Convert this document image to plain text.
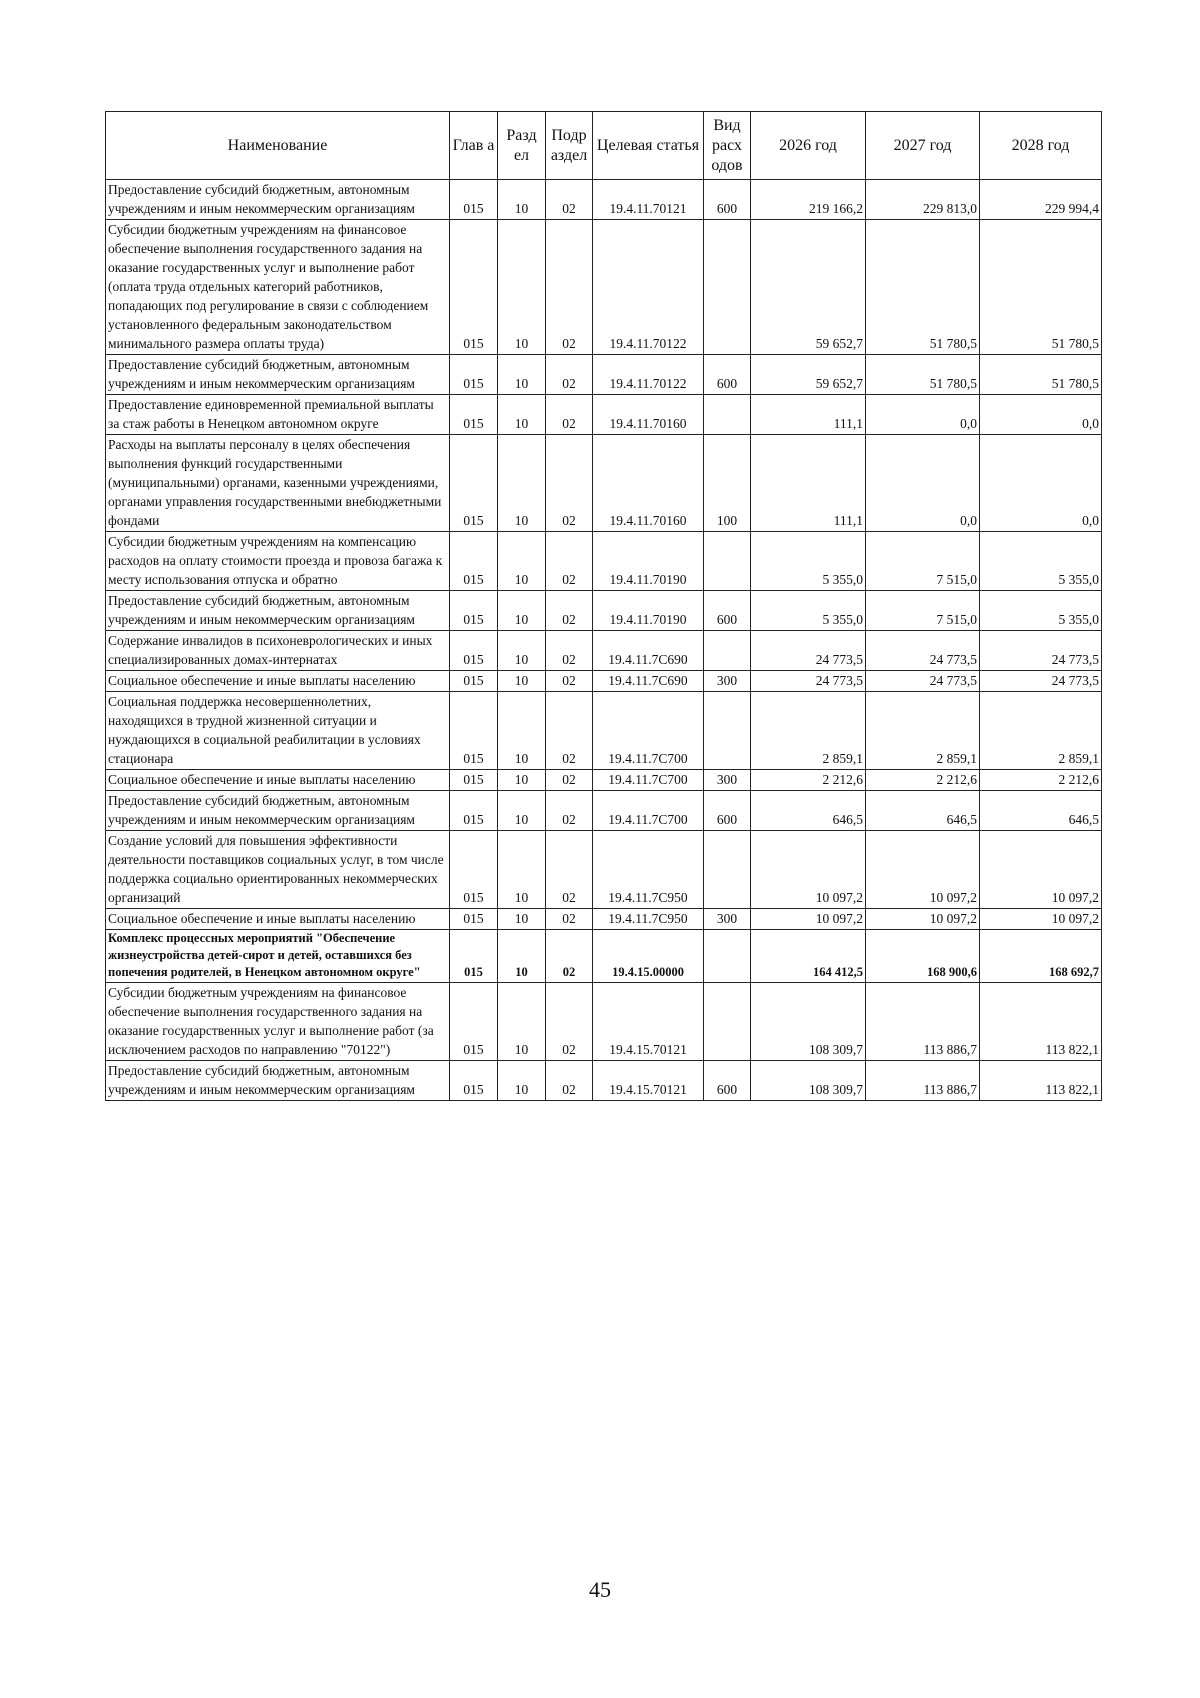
Наименование	Глав а	Разд ел	Подр аздел	Целевая статья	Вид расх одов	2026 год	2027 год	2028 год
Предоставление субсидий бюджетным, автономным учреждениям и иным некоммерческим организациям	015	10	02	19.4.11.70121	600	219 166,2	229 813,0	229 994,4
Субсидии бюджетным учреждениям на финансовое обеспечение выполнения государственного задания на оказание государственных услуг и выполнение работ (оплата труда отдельных категорий работников, попадающих под регулирование в связи с соблюдением установленного федеральным законодательством минимального размера оплаты труда)	015	10	02	19.4.11.70122		59 652,7	51 780,5	51 780,5
Предоставление субсидий бюджетным, автономным учреждениям и иным некоммерческим организациям	015	10	02	19.4.11.70122	600	59 652,7	51 780,5	51 780,5
Предоставление единовременной премиальной выплаты за стаж работы в Ненецком автономном округе	015	10	02	19.4.11.70160		111,1	0,0	0,0
Расходы на выплаты персоналу в целях обеспечения выполнения функций государственными (муниципальными) органами, казенными учреждениями, органами управления государственными внебюджетными фондами	015	10	02	19.4.11.70160	100	111,1	0,0	0,0
Субсидии бюджетным учреждениям на компенсацию расходов на оплату стоимости проезда и провоза багажа к месту использования отпуска и обратно	015	10	02	19.4.11.70190		5 355,0	7 515,0	5 355,0
Предоставление субсидий бюджетным, автономным учреждениям и иным некоммерческим организациям	015	10	02	19.4.11.70190	600	5 355,0	7 515,0	5 355,0
Содержание инвалидов в психоневрологических и иных специализированных домах-интернатах	015	10	02	19.4.11.7С690		24 773,5	24 773,5	24 773,5
Социальное обеспечение и иные выплаты населению	015	10	02	19.4.11.7С690	300	24 773,5	24 773,5	24 773,5
Социальная поддержка несовершеннолетних, находящихся в трудной жизненной ситуации и нуждающихся в социальной реабилитации в условиях стационара	015	10	02	19.4.11.7С700		2 859,1	2 859,1	2 859,1
Социальное обеспечение и иные выплаты населению	015	10	02	19.4.11.7С700	300	2 212,6	2 212,6	2 212,6
Предоставление субсидий бюджетным, автономным учреждениям и иным некоммерческим организациям	015	10	02	19.4.11.7С700	600	646,5	646,5	646,5
Создание условий для повышения эффективности деятельности поставщиков социальных услуг, в том числе поддержка социально ориентированных некоммерческих организаций	015	10	02	19.4.11.7С950		10 097,2	10 097,2	10 097,2
Социальное обеспечение и иные выплаты населению	015	10	02	19.4.11.7С950	300	10 097,2	10 097,2	10 097,2
Комплекс процессных мероприятий "Обеспечение жизнеустройства детей-сирот и детей, оставшихся без попечения родителей, в Ненецком автономном округе"	015	10	02	19.4.15.00000		164 412,5	168 900,6	168 692,7
Субсидии бюджетным учреждениям на финансовое обеспечение выполнения государственного задания на оказание государственных услуг и выполнение работ (за исключением расходов по направлению "70122")	015	10	02	19.4.15.70121		108 309,7	113 886,7	113 822,1
Предоставление субсидий бюджетным, автономным учреждениям и иным некоммерческим организациям	015	10	02	19.4.15.70121	600	108 309,7	113 886,7	113 822,1
45
